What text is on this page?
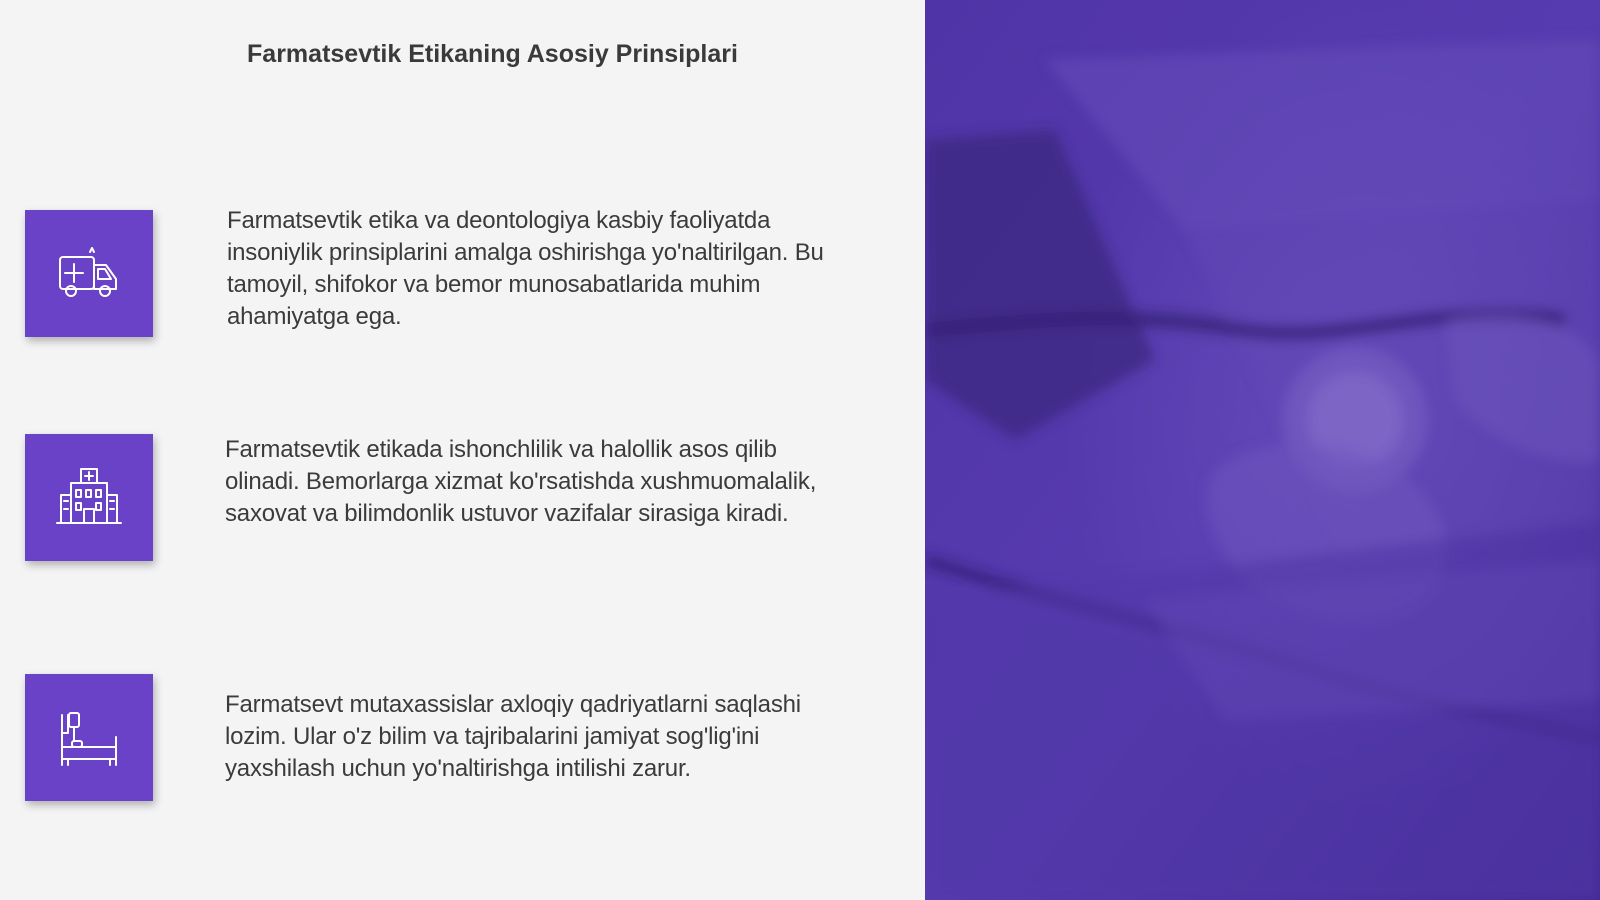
Farmatsevtik Etikaning Asosiy Prinsiplari

Farmatsevtik etika va deontologiya kasbiy faoliyatda insoniylik prinsiplarini amalga oshirishga yo'naltirilgan. Bu tamoyil, shifokor va bemor munosabatlarida muhim ahamiyatga ega.

Farmatsevtik etikada ishonchlilik va halollik asos qilib olinadi. Bemorlarga xizmat ko'rsatishda xushmuomalalik, saxovat va bilimdonlik ustuvor vazifalar sirasiga kiradi.

Farmatsevt mutaxassislar axloqiy qadriyatlarni saqlashi lozim. Ular o'z bilim va tajribalarini jamiyat sog'lig'ini yaxshilash uchun yo'naltirishga intilishi zarur.
